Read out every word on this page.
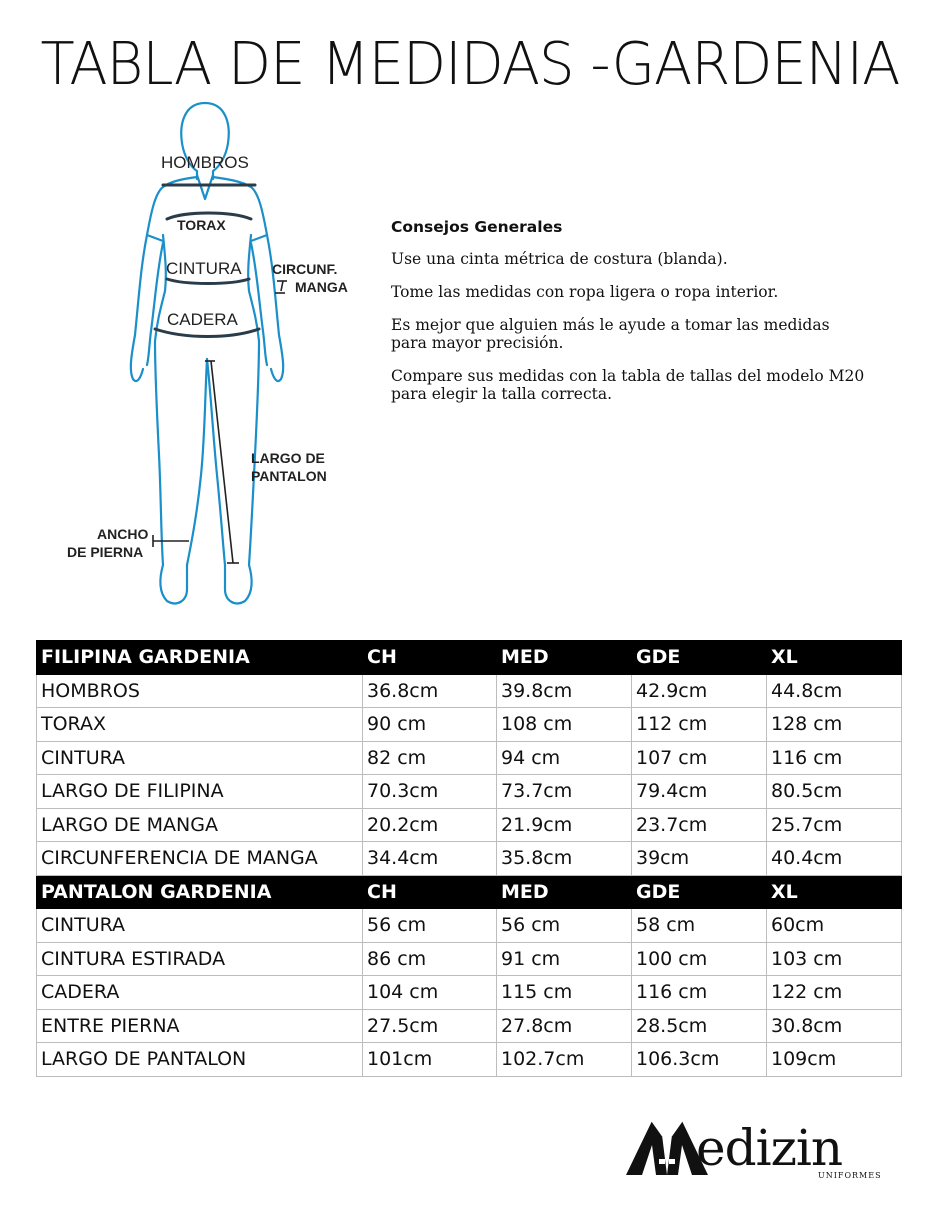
TABLA DE MEDIDAS -GARDENIA
HOMBROS
TORAX
CINTURA
CADERA
CIRCUNF.
MANGA
LARGO DE
PANTALON
ANCHO
DE PIERNA
Consejos Generales

Use una cinta métrica de costura (blanda).

Tome las medidas con ropa ligera o ropa interior.

Es mejor que alguien más le ayude a tomar las medidas
para mayor precisión.

Compare sus medidas con la tabla de tallas del modelo M20
para elegir la talla correcta.

FILIPINA GARDENIA	CH	MED	GDE	XL
HOMBROS	36.8cm	39.8cm	42.9cm	44.8cm
TORAX	90 cm	108 cm	112 cm	128 cm
CINTURA	82 cm	94 cm	107 cm	116 cm
LARGO DE FILIPINA	70.3cm	73.7cm	79.4cm	80.5cm
LARGO DE MANGA	20.2cm	21.9cm	23.7cm	25.7cm
CIRCUNFERENCIA DE MANGA	34.4cm	35.8cm	39cm	40.4cm
PANTALON GARDENIA	CH	MED	GDE	XL
CINTURA	56 cm	56 cm	58 cm	60cm
CINTURA ESTIRADA	86 cm	91 cm	100 cm	103 cm
CADERA	104 cm	115 cm	116 cm	122 cm
ENTRE PIERNA	27.5cm	27.8cm	28.5cm	30.8cm
LARGO DE PANTALON	101cm	102.7cm	106.3cm	109cm
edizin
UNIFORMES
